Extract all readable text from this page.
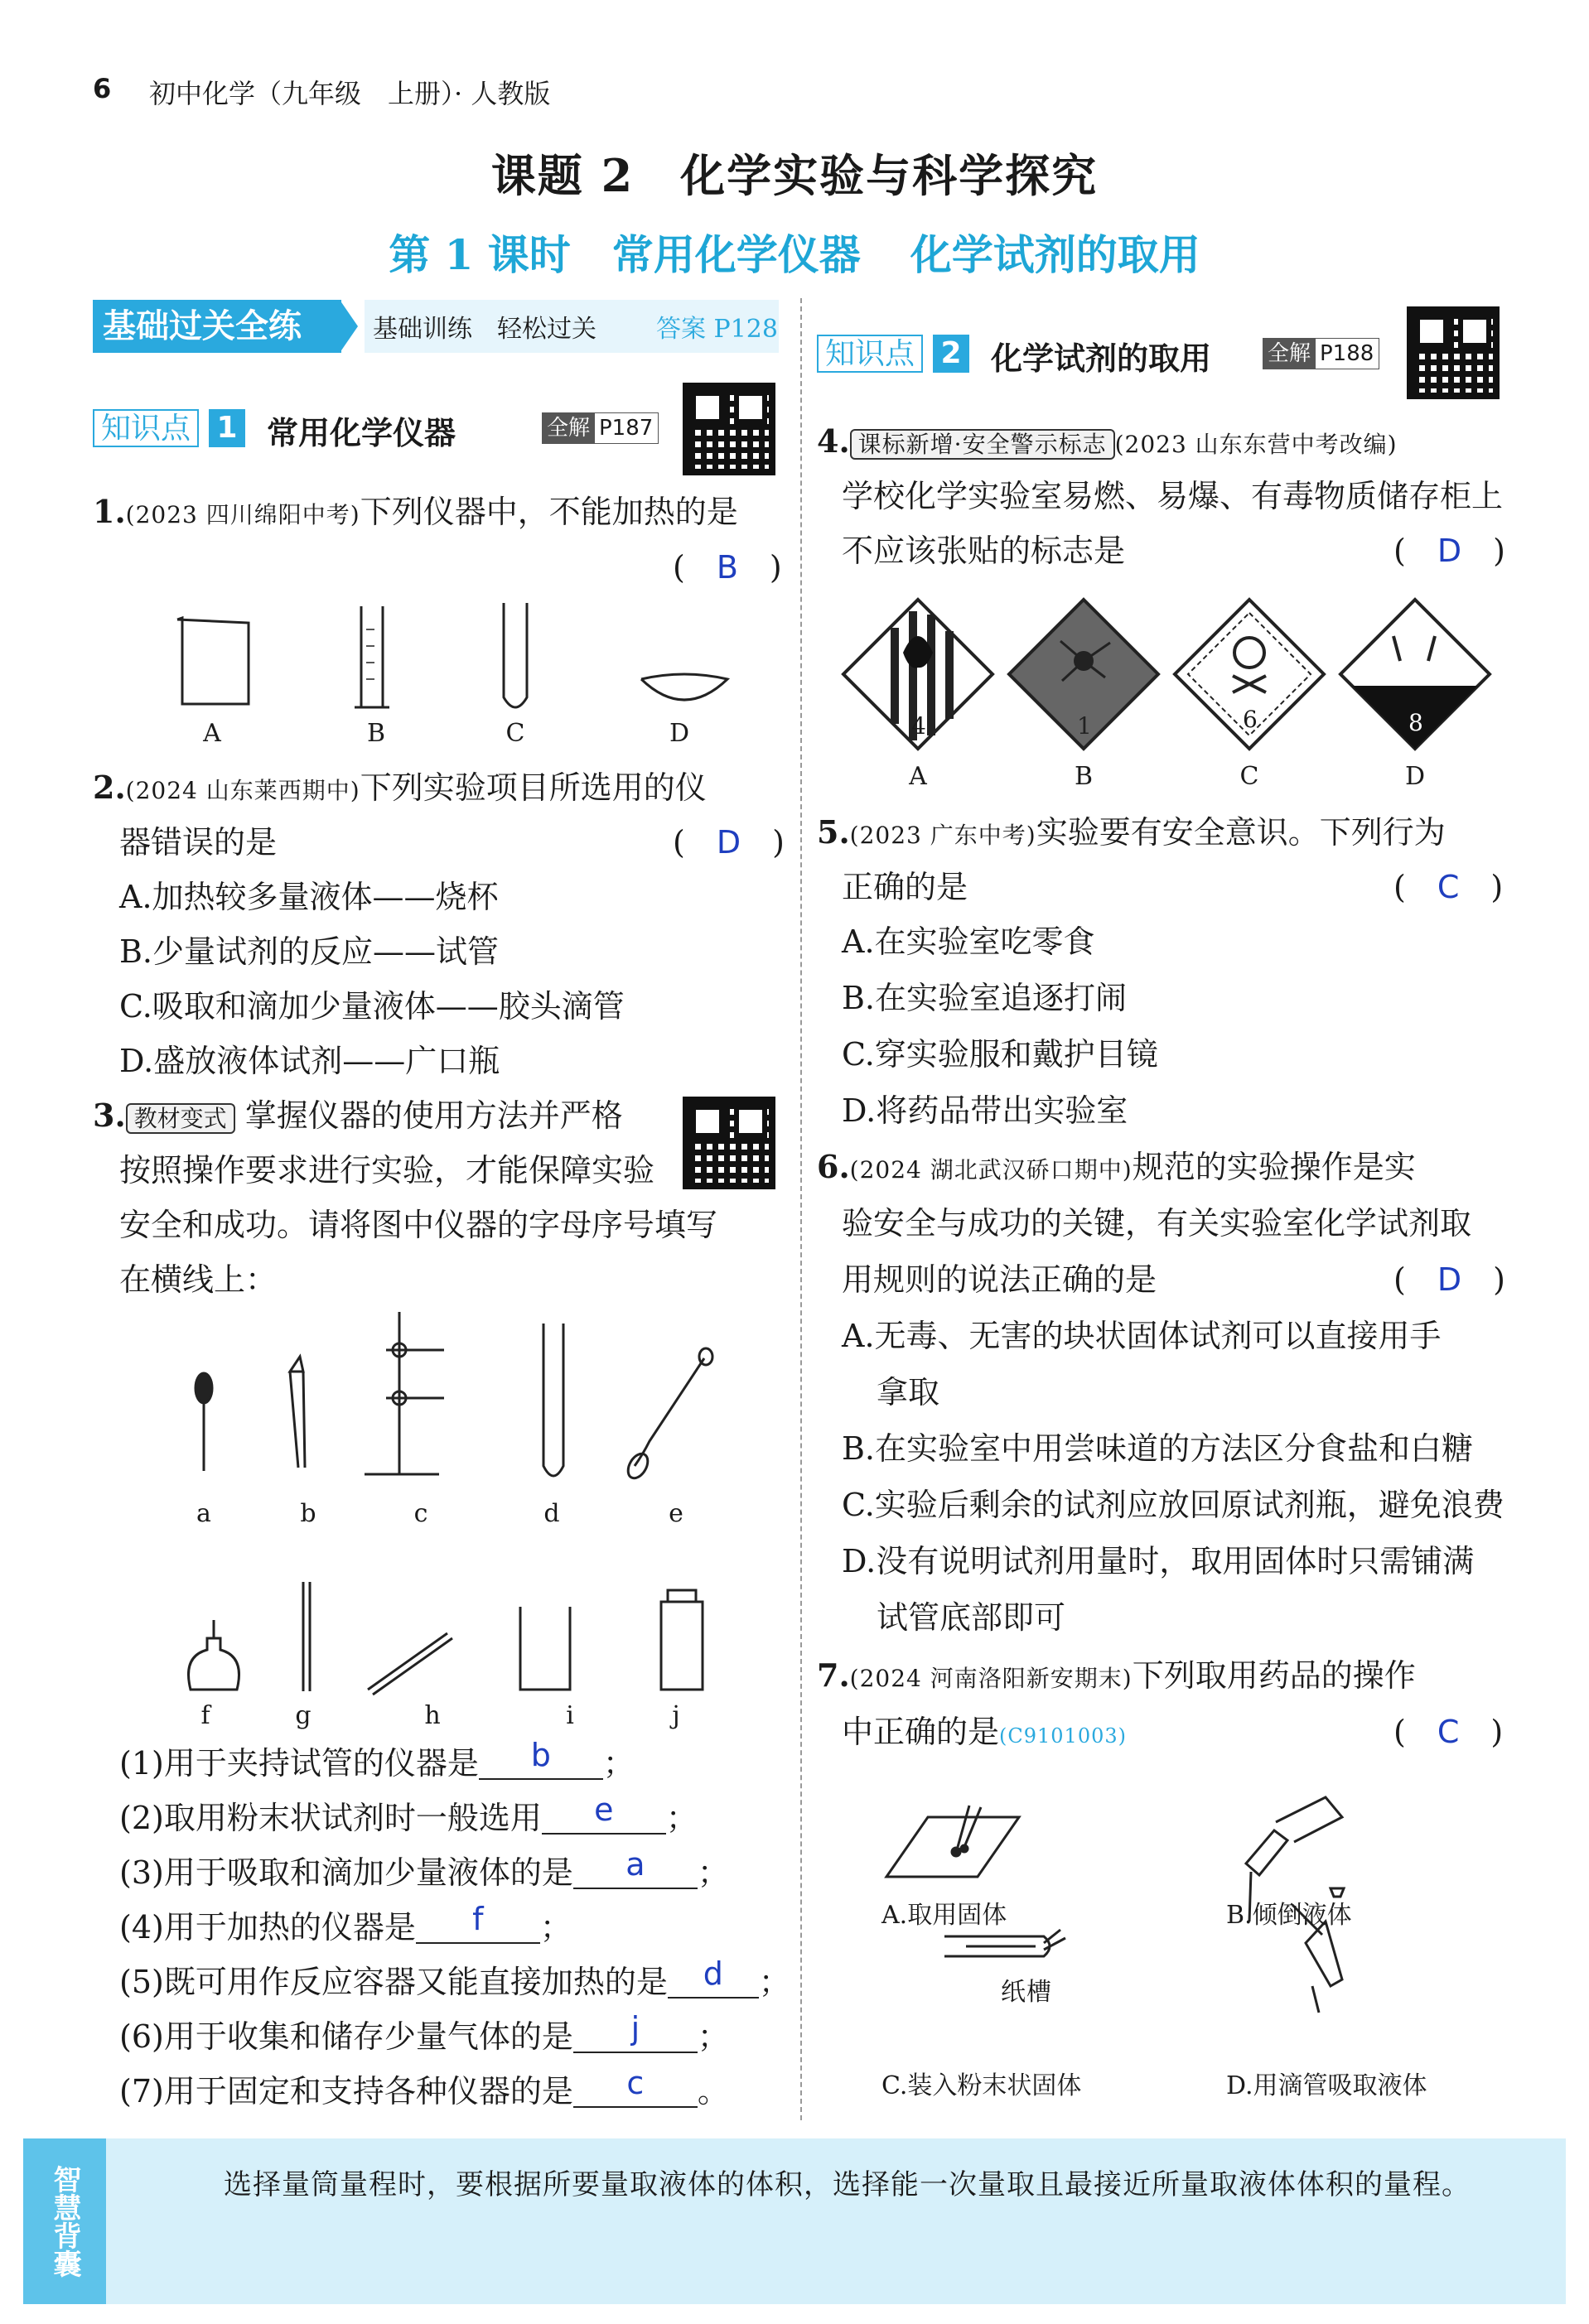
6 初中化学（九年级　上册）· 人教版
课题 2　化学实验与科学探究
第 1 课时　常用化学仪器 化学试剂的取用
基础过关全练	基础训练　轻松过关 答案 P128
知识点 1 常用化学仪器	全解 P187
1.(2023 四川绵阳中考)下列仪器中，不能加热的是
(　B　)
A	B	C	D
2.(2024 山东莱西期中)下列实验项目所选用的仪
器错误的是	(　D　)
A.加热较多量液体——烧杯
B.少量试剂的反应——试管
C.吸取和滴加少量液体——胶头滴管
D.盛放液体试剂——广口瓶
3. 教材变式 掌握仪器的使用方法并严格
按照操作要求进行实验，才能保障实验
安全和成功。请将图中仪器的字母序号填写
在横线上：
a	b	c	d	e
f	g	h	i	j
(1)用于夹持试管的仪器是 b ；
(2)取用粉末状试剂时一般选用 e ；
(3)用于吸取和滴加少量液体的是 a ；
(4)用于加热的仪器是 f ；
(5)既可用作反应容器又能直接加热的是 d ；
(6)用于收集和储存少量气体的是 j ；
(7)用于固定和支持各种仪器的是 c 。
知识点 2 化学试剂的取用	全解 P188
4. 课标新增·安全警示标志 (2023 山东东营中考改编)
学校化学实验室易燃、易爆、有毒物质储存柜上
不应该张贴的标志是	(　D　)
4	1	6	8
A	B	C	D
5.(2023 广东中考)实验要有安全意识。下列行为
正确的是	(　C　)
A.在实验室吃零食
B.在实验室追逐打闹
C.穿实验服和戴护目镜
D.将药品带出实验室
6.(2024 湖北武汉硚口期中)规范的实验操作是实
验安全与成功的关键，有关实验室化学试剂取
用规则的说法正确的是	(　D　)
A.无毒、无害的块状固体试剂可以直接用手
拿取
B.在实验室中用尝味道的方法区分食盐和白糖
C.实验后剩余的试剂应放回原试剂瓶，避免浪费
D.没有说明试剂用量时，取用固体时只需铺满
试管底部即可
7.(2024 河南洛阳新安期末)下列取用药品的操作
中正确的是(C9101003)	(　C　)
纸槽
A.取用固体	B.倾倒液体
C.装入粉末状固体	D.用滴管吸取液体
智慧背囊	选择量筒量程时，要根据所要量取液体的体积，选择能一次量取且最接近所量取液体体积的量程。
